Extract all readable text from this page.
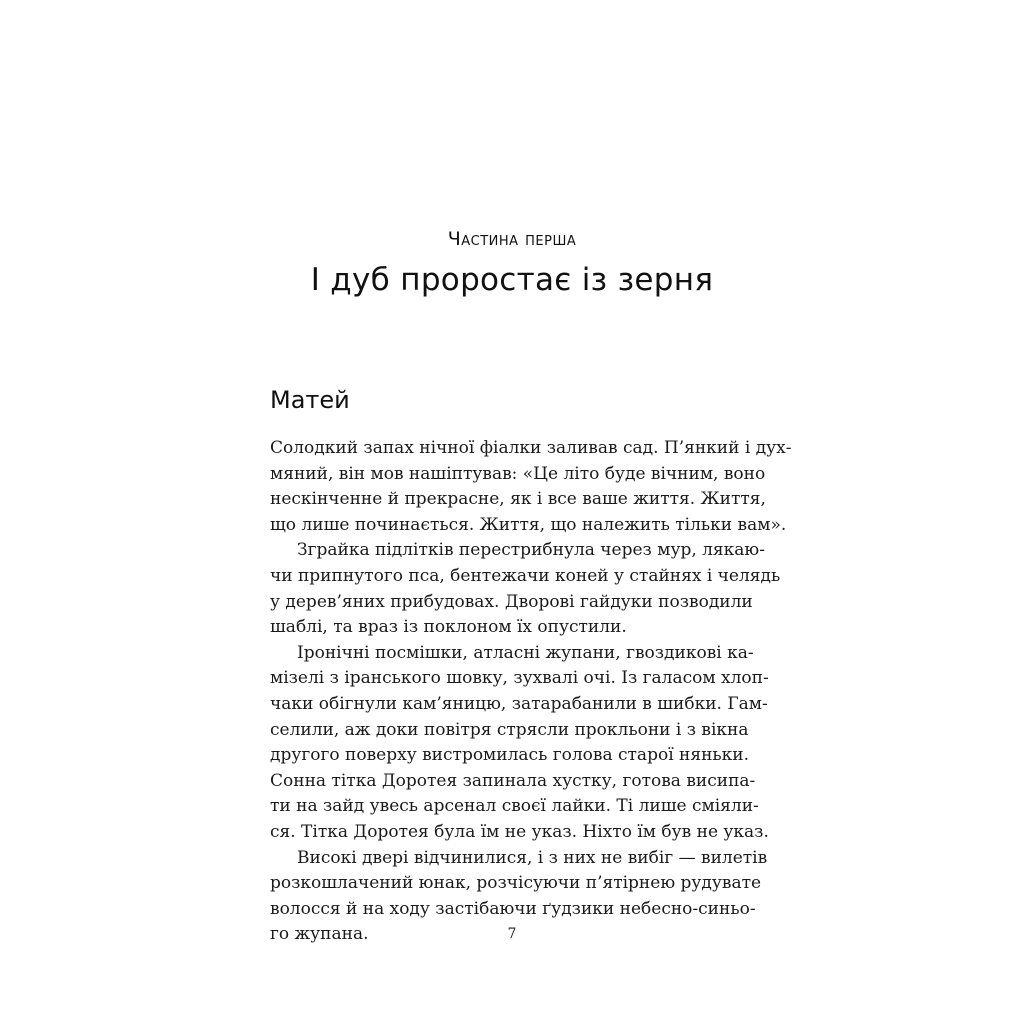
Частина перша
І дуб проростає із зерня
Матей
Солодкий запах нічної фіалки заливав сад. П’янкий і дух-
мяний, він мов нашіптував: «Це літо буде вічним, воно
нескінченне й прекрасне, як і все ваше життя. Життя,
що лише починається. Життя, що належить тільки вам».
Зграйка підлітків перестрибнула через мур, лякаю-
чи припнутого пса, бентежачи коней у стайнях і челядь
у дерев’яних прибудовах. Дворові гайдуки позводили
шаблі, та враз із поклоном їх опустили.
Іронічні посмішки, атласні жупани, гвоздикові ка-
мізелі з іранського шовку, зухвалі очі. Із галасом хлоп-
чаки обігнули кам’яницю, затарабанили в шибки. Гам-
селили, аж доки повітря стрясли прокльони і з вікна
другого поверху вистромилась голова старої няньки.
Сонна тітка Доротея запинала хустку, готова висипа-
ти на зайд увесь арсенал своєї лайки. Ті лише сміяли-
ся. Тітка Доротея була їм не указ. Ніхто їм був не указ.
Високі двері відчинилися, і з них не вибіг — вилетів
розкошлачений юнак, розчісуючи п’ятірнею рудувате
волосся й на ходу застібаючи ґудзики небесно-синьо-
го жупана.	7
